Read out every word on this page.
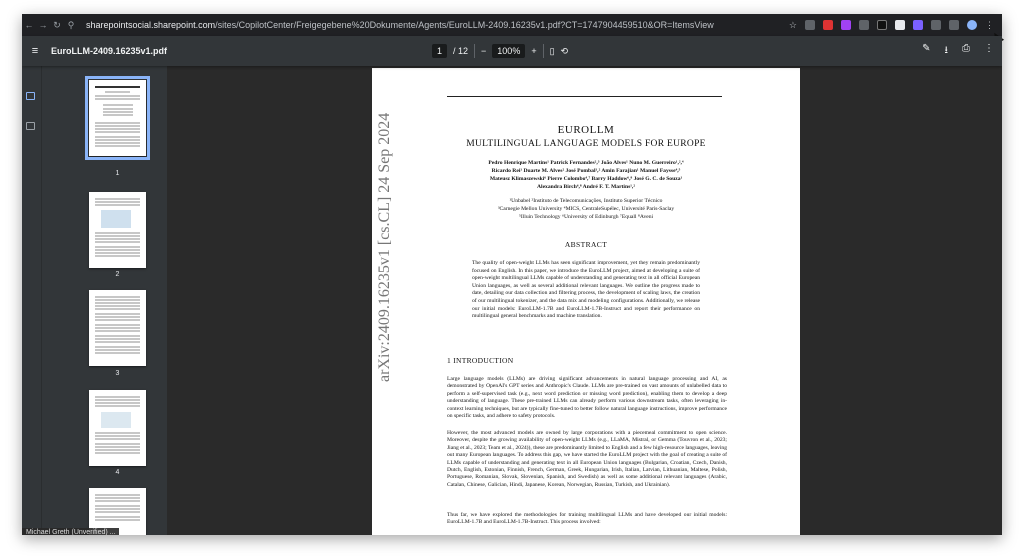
← → ↻ ⚲	sharepointsocial.sharepoint.com/sites/CopilotCenter/Freigegebene%20Dokumente/Agents/EuroLLM-2409.16235v1.pdf?CT=1747904459510&OR=ItemsView	☆	⋮
≡	EuroLLM-2409.16235v1.pdf	1	/ 12 −	100%	+ ▯ ⟲	✎ ⭳ ⎙ ⋮
1
2
3
4
arXiv:2409.16235v1 [cs.CL] 24 Sep 2024	EUROLLM
MULTILINGUAL LANGUAGE MODELS FOR EUROPE
Pedro Henrique Martins¹ Patrick Fernandes²,³ João Alves¹ Nuno M. Guerreiro¹,²,⁴
Ricardo Rei¹ Duarte M. Alves² José Pombal¹,² Amin Farajian¹ Manuel Faysse⁴,⁵
Mateusz Klimaszewski⁶ Pierre Colombo⁴,⁷ Barry Haddow⁶,⁸ José G. C. de Souza¹
Alexandra Birch⁶,⁸ André F. T. Martins¹,²
¹Unbabel ²Instituto de Telecomunicações, Instituto Superior Técnico
³Carnegie Mellon University ⁴MICS, CentraleSupélec, Université Paris-Saclay
⁵Illuin Technology ⁶University of Edinburgh ⁷Equall ⁸Aveni
ABSTRACT
The quality of open-weight LLMs has seen significant improvement, yet they remain predominantly focused on English. In this paper, we introduce the EuroLLM project, aimed at developing a suite of open-weight multilingual LLMs capable of understanding and generating text in all official European Union languages, as well as several additional relevant languages. We outline the progress made to date, detailing our data collection and filtering process, the development of scaling laws, the creation of our multilingual tokenizer, and the data mix and modeling configurations. Additionally, we release our initial models: EuroLLM-1.7B and EuroLLM-1.7B-Instruct and report their performance on multilingual general benchmarks and machine translation.
1 INTRODUCTION
Large language models (LLMs) are driving significant advancements in natural language processing and AI, as demonstrated by OpenAI's GPT series and Anthropic's Claude. LLMs are pre-trained on vast amounts of unlabelled data to perform a self-supervised task (e.g., next word prediction or missing word prediction), enabling them to develop a deep understanding of language. These pre-trained LLMs can already perform various downstream tasks, often leveraging in-context learning techniques, but are typically fine-tuned to better follow natural language instructions, improve performance on specific tasks, and adhere to safety protocols.
However, the most advanced models are owned by large corporations with a piecemeal commitment to open science. Moreover, despite the growing availability of open-weight LLMs (e.g., LLaMA, Mistral, or Gemma (Touvron et al., 2023; Jiang et al., 2023; Team et al., 2024)), these are predominantly limited to English and a few high-resource languages, leaving out many European languages. To address this gap, we have started the EuroLLM project with the goal of creating a suite of LLMs capable of understanding and generating text in all European Union languages (Bulgarian, Croatian, Czech, Danish, Dutch, English, Estonian, Finnish, French, German, Greek, Hungarian, Irish, Italian, Latvian, Lithuanian, Maltese, Polish, Portuguese, Romanian, Slovak, Slovenian, Spanish, and Swedish) as well as some additional relevant languages (Arabic, Catalan, Chinese, Galician, Hindi, Japanese, Korean, Norwegian, Russian, Turkish, and Ukrainian).
Thus far, we have explored the methodologies for training multilingual LLMs and have developed our initial models: EuroLLM-1.7B and EuroLLM-1.7B-Instruct. This process involved:
Michael Greth (Unverified) ...
